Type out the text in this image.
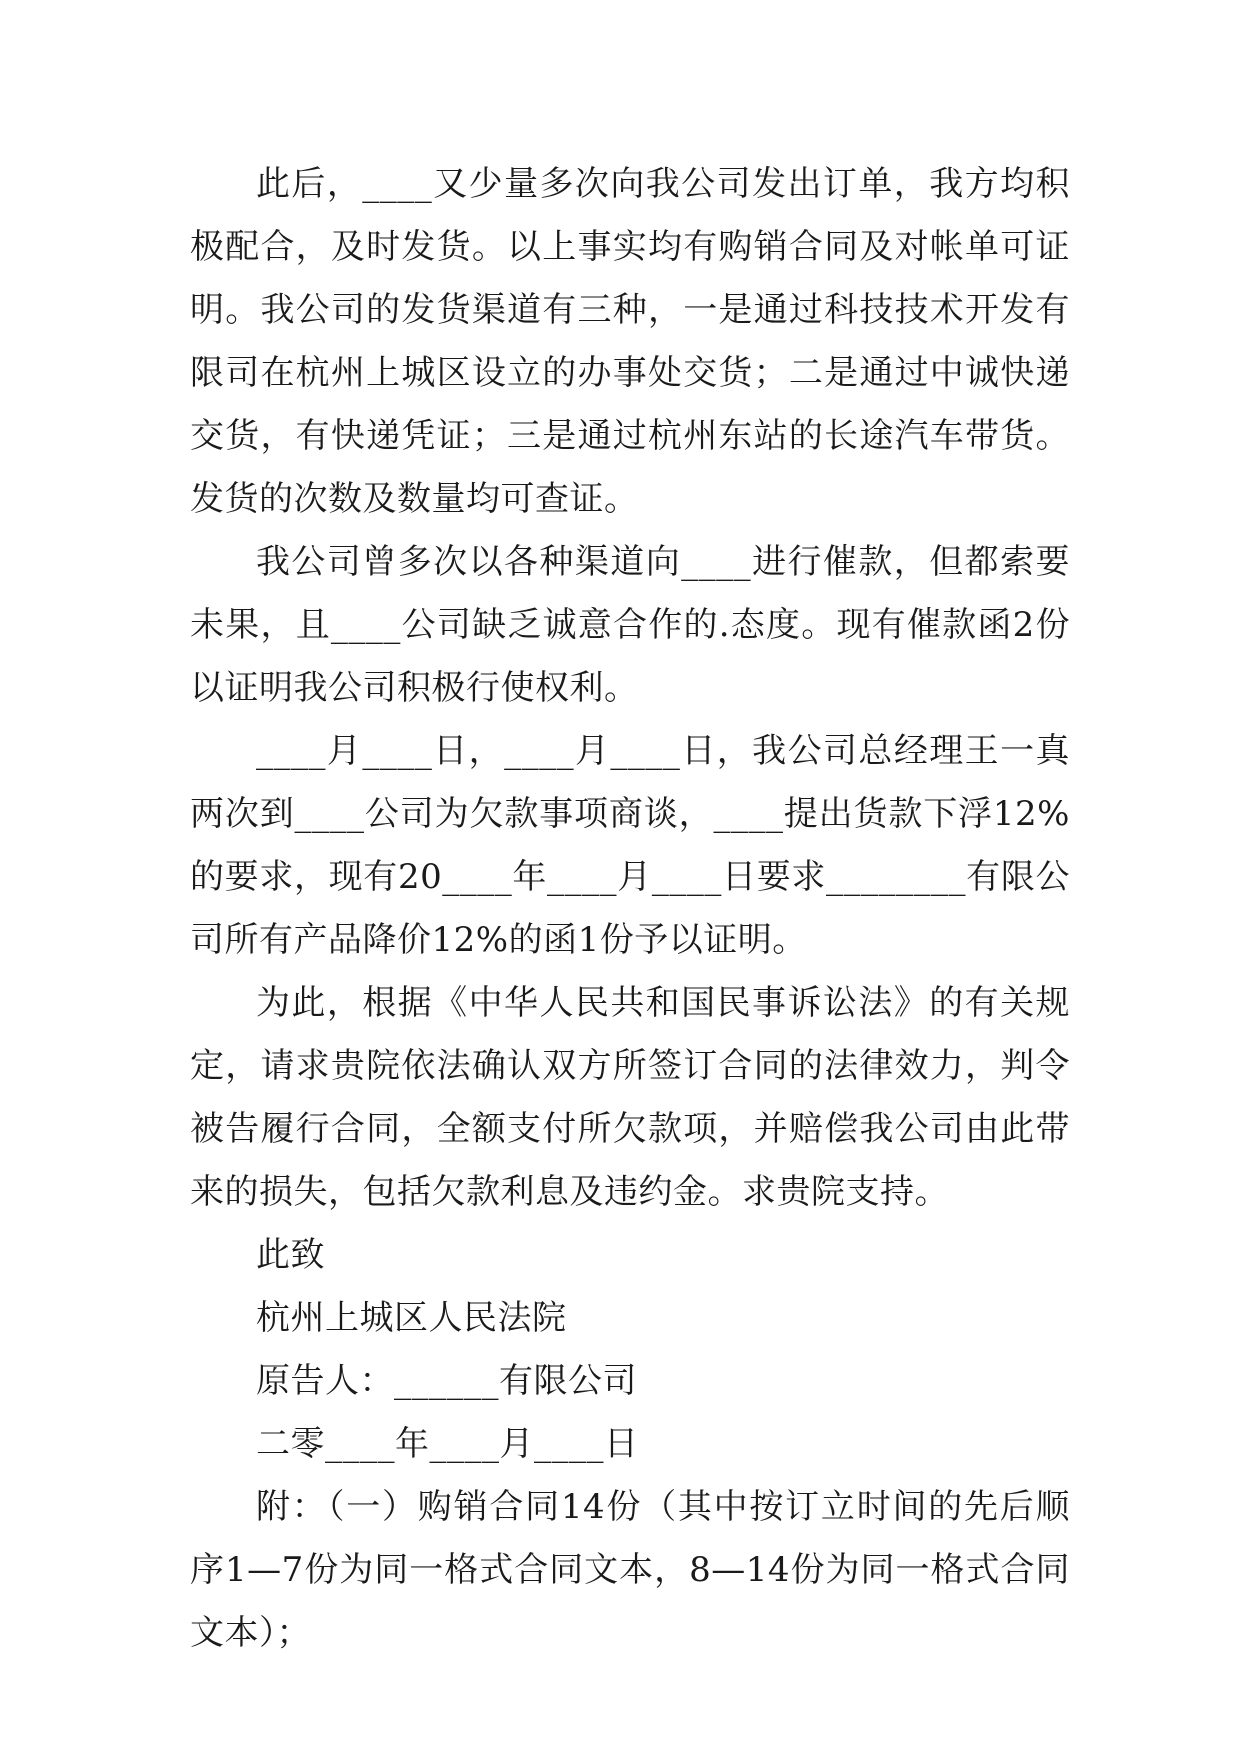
此后，____又少量多次向我公司发出订单，我方均积极配合，及时发货。以上事实均有购销合同及对帐单可证明。我公司的发货渠道有三种，一是通过科技技术开发有限司在杭州上城区设立的办事处交货；二是通过中诚快递交货，有快递凭证；三是通过杭州东站的长途汽车带货。发货的次数及数量均可查证。

我公司曾多次以各种渠道向____进行催款，但都索要未果，且____公司缺乏诚意合作的.态度。现有催款函2份以证明我公司积极行使权利。

____月____日，____月____日，我公司总经理王一真两次到____公司为欠款事项商谈，____提出货款下浮12%的要求，现有20____年____月____日要求________有限公司所有产品降价12%的函1份予以证明。

为此，根据《中华人民共和国民事诉讼法》的有关规定，请求贵院依法确认双方所签订合同的法律效力，判令被告履行合同，全额支付所欠款项，并赔偿我公司由此带来的损失，包括欠款利息及违约金。求贵院支持。

此致

杭州上城区人民法院

原告人：______有限公司

二零____年____月____日

附：（一）购销合同14份（其中按订立时间的先后顺序1—7份为同一格式合同文本，8—14份为同一格式合同文本）；
